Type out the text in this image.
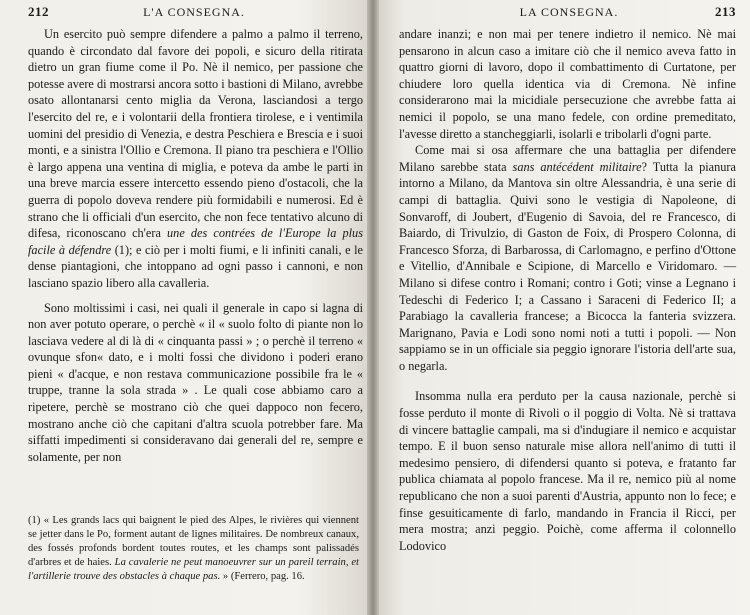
212	L'A CONSEGNA.

Un esercito può sempre difendere a palmo a palmo il terreno, quando è circondato dal favore dei popoli, e sicuro della ritirata dietro un gran fiume come il Po. Nè il nemico, per passione che potesse avere di mostrarsi ancora sotto i bastioni di Milano, avrebbe osato allontanarsi cento miglia da Verona, lasciandosi a tergo l'esercito del re, e i volontarii della frontiera tirolese, e i ventimila uomini del presidio di Venezia, e destra Peschiera e Brescia e i suoi monti, e a sinistra l'Ollio e Cremona. Il piano tra peschiera e l'Ollio è largo appena una ventina di miglia, e poteva da ambe le parti in una breve marcia essere intercetto essendo pieno d'ostacoli, che la guerra di popolo doveva rendere più formidabili e numerosi. Ed è strano che li officiali d'un esercito, che non fece tentativo alcuno di difesa, riconoscano ch'era une des contrées de l'Europe la plus facile à défendre (1); e ciò per i molti fiumi, e li infiniti canali, e le dense piantagioni, che intoppano ad ogni passo i cannoni, e non lasciano spazio libero alla cavalleria.

Sono moltissimi i casi, nei quali il generale in capo si lagna di non aver potuto operare, o perchè « il « suolo folto di piante non lo lasciava vedere al di là di « cinquanta passi » ; o perchè il terreno « ovunque sfon« dato, e i molti fossi che dividono i poderi erano pieni « d'acque, e non restava communicazione possibile fra le « truppe, tranne la sola strada » . Le quali cose abbiamo caro a ripetere, perchè se mostrano ciò che quei dappoco non fecero, mostrano anche ciò che capitani d'altra scuola potrebber fare. Ma siffatti impedimenti si consideravano dai generali del re, sempre e solamente, per non

(1) « Les grands lacs qui baignent le pied des Alpes, le rivières qui viennent se jetter dans le Po, forment autant de lignes militaires. De nombreux canaux, des fossés profonds bordent toutes routes, et les champs sont palissadés d'arbres et de haies. La cavalerie ne peut manoeuvrer sur un pareil terrain, et l'artillerie trouve des obstacles à chaque pas. » (Ferrero, pag. 16.
LA CONSEGNA.	213

andare inanzi; e non mai per tenere indietro il nemico. Nè mai pensarono in alcun caso a imitare ciò che il nemico aveva fatto in quattro giorni di lavoro, dopo il combattimento di Curtatone, per chiudere loro quella identica via di Cremona. Nè infine considerarono mai la micidiale persecuzione che avrebbe fatta ai nemici il popolo, se una mano fedele, con ordine premeditato, l'avesse diretto a stancheggiarli, isolarli e tribolarli d'ogni parte.

Come mai si osa affermare che una battaglia per difendere Milano sarebbe stata sans antécédent militaire? Tutta la pianura intorno a Milano, da Mantova sin oltre Alessandria, è una serie di campi di battaglia. Quivi sono le vestigia di Napoleone, di Sonvaroff, di Joubert, d'Eugenio di Savoia, del re Francesco, di Baiardo, di Trivulzio, di Gaston de Foix, di Prospero Colonna, di Francesco Sforza, di Barbarossa, di Carlomagno, e perfino d'Ottone e Vitellio, d'Annibale e Scipione, di Marcello e Viridomaro. — Milano si difese contro i Romani; contro i Goti; vinse a Legnano i Tedeschi di Federico I; a Cassano i Saraceni di Federico II; a Parabiago la cavalleria francese; a Bicocca la fanteria svizzera. Marignano, Pavia e Lodi sono nomi noti a tutti i popoli. — Non sappiamo se in un officiale sia peggio ignorare l'istoria dell'arte sua, o negarla.

Insomma nulla era perduto per la causa nazionale, perchè si fosse perduto il monte di Rivoli o il poggio di Volta. Nè si trattava di vincere battaglie campali, ma si d'indugiare il nemico e acquistar tempo. E il buon senso naturale mise allora nell'animo di tutti il medesimo pensiero, di difendersi quanto si poteva, e fratanto far publica chiamata al popolo francese. Ma il re, nemico più al nome republicano che non a suoi parenti d'Austria, appunto non lo fece; e finse gesuiticamente di farlo, mandando in Francia il Ricci, per mera mostra; anzi peggio. Poichè, come afferma il colonnello Lodovico
